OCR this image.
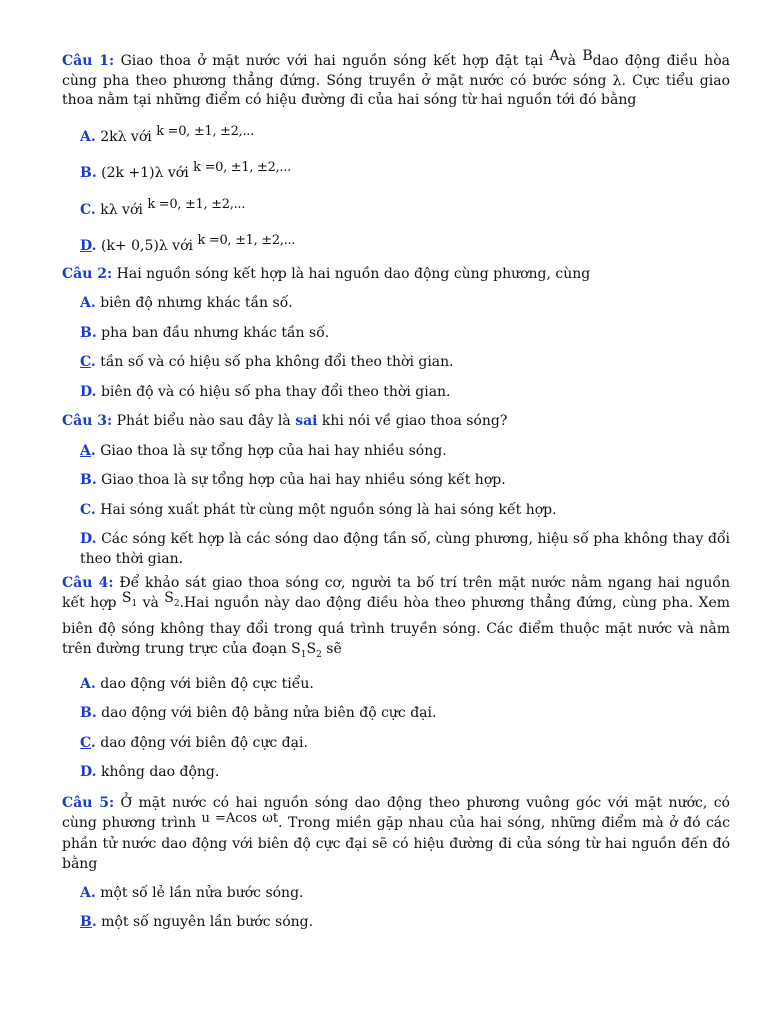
Câu 1: Giao thoa ở mặt nước với hai nguồn sóng kết hợp đặt tại Avà Bdao động điều hòa cùng pha theo phương thẳng đứng. Sóng truyền ở mặt nước có bước sóng λ. Cực tiểu giao thoa nằm tại những điểm có hiệu đường đi của hai sóng từ hai nguồn tới đó bằng

A. 2kλ với k =0, ±1, ±2,...

B. (2k +1)λ với k =0, ±1, ±2,...

C. kλ với k =0, ±1, ±2,...

D. (k+ 0,5)λ với k =0, ±1, ±2,...

Câu 2: Hai nguồn sóng kết hợp là hai nguồn dao động cùng phương, cùng

A. biên độ nhưng khác tần số.

B. pha ban đầu nhưng khác tần số.

C. tần số và có hiệu số pha không đổi theo thời gian.

D. biên độ và có hiệu số pha thay đổi theo thời gian.

Câu 3: Phát biểu nào sau đây là sai khi nói về giao thoa sóng?

A. Giao thoa là sự tổng hợp của hai hay nhiều sóng.

B. Giao thoa là sự tổng hợp của hai hay nhiều sóng kết hợp.

C. Hai sóng xuất phát từ cùng một nguồn sóng là hai sóng kết hợp.

D. Các sóng kết hợp là các sóng dao động tần số, cùng phương, hiệu số pha không thay đổi theo thời gian.

Câu 4: Để khảo sát giao thoa sóng cơ, người ta bố trí trên mặt nước nằm ngang hai nguồn kết hợp $S_1$ và $S_2.Hai$ nguồn này dao động điều hòa theo phương thẳng đứng, cùng pha. Xem biên độ sóng không thay đổi trong quá trình truyền sóng. Các điểm thuộc mặt nước và nằm trên đường trung trực của đoạn $S_1S_2$ sẽ

A. dao động với biên độ cực tiểu.

B. dao động với biên độ bằng nửa biên độ cực đại.

C. dao động với biên độ cực đại.

D. không dao động.

Câu 5: Ở mặt nước có hai nguồn sóng dao động theo phương vuông góc với mặt nước, có cùng phương trình u =Acos ωt. Trong miền gặp nhau của hai sóng, những điểm mà ở đó các phần tử nước dao động với biên độ cực đại sẽ có hiệu đường đi của sóng từ hai nguồn đến đó bằng

A. một số lẻ lần nửa bước sóng.

B. một số nguyên lần bước sóng.
